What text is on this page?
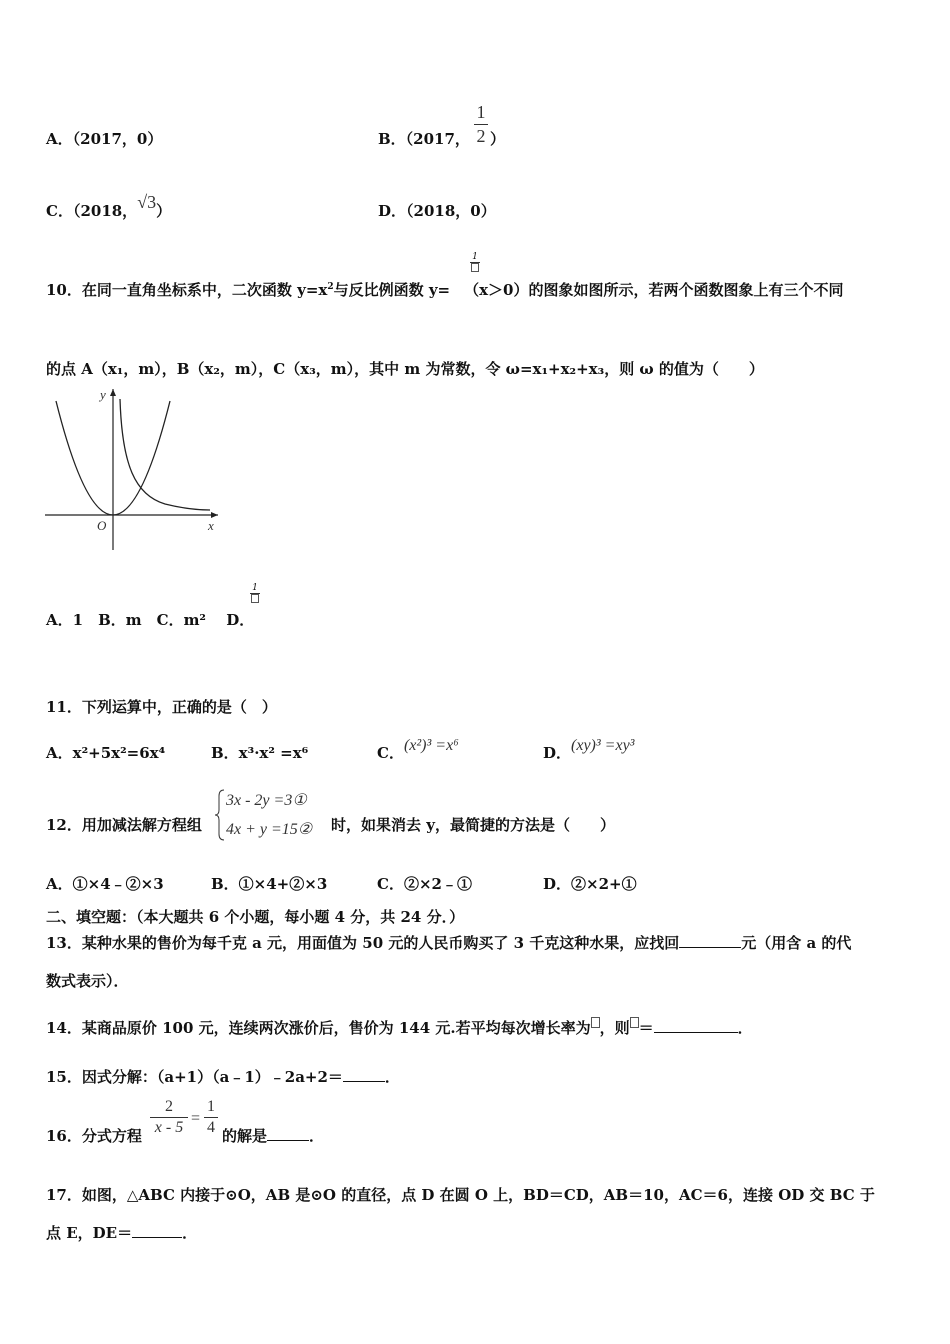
A．（2017，0）	B．（2017， ）
1
2
C．（2018，√3）	D．（2018，0）
10．在同一直角坐标系中，二次函数 $y=x^2$与反比例函数 y= （x＞0）的图象如图所示，若两个函数图象上有三个不同
1
的点 A（x₁，m），B（x₂，m），C（x₃，m），其中 m 为常数，令 ω=x₁+x₂+x₃，则 ω 的值为（　　）
y
x
O
A．1　B．m　C．m² 　D．
1
11．下列运算中，正确的是（　）
A．x²+5x²=6x⁴	B．x³·x² =x⁶	C．(x²)³ =x⁶	D．(xy)³ =xy³
12．用加减法解方程组
3x - 2y =3①
4x + y =15② 时，如果消去 y，最简捷的方法是（　　）
A．①×4﹣②×3	B．①×4+②×3	C．②×2﹣①	D．②×2+①
二、填空题：（本大题共 6 个小题，每小题 4 分，共 24 分．）
13．某种水果的售价为每千克 a 元，用面值为 50 元的人民币购买了 3 千克这种水果，应找回	元（用含 a 的代
数式表示）．
14．某商品原价 100 元，连续两次涨价后，售价为 144 元.若平均每次增长率为 ，则 ＝	．
15．因式分解：（a+1）（a﹣1）﹣2a+2＝	．
16．分式方程
2
x - 5
=
1
4 的解是	．
17．如图，△ABC 内接于⊙O，AB 是⊙O 的直径，点 D 在圆 O 上，BD＝CD，AB＝10，AC＝6，连接 OD 交 BC 于
点 E，DE＝	．
